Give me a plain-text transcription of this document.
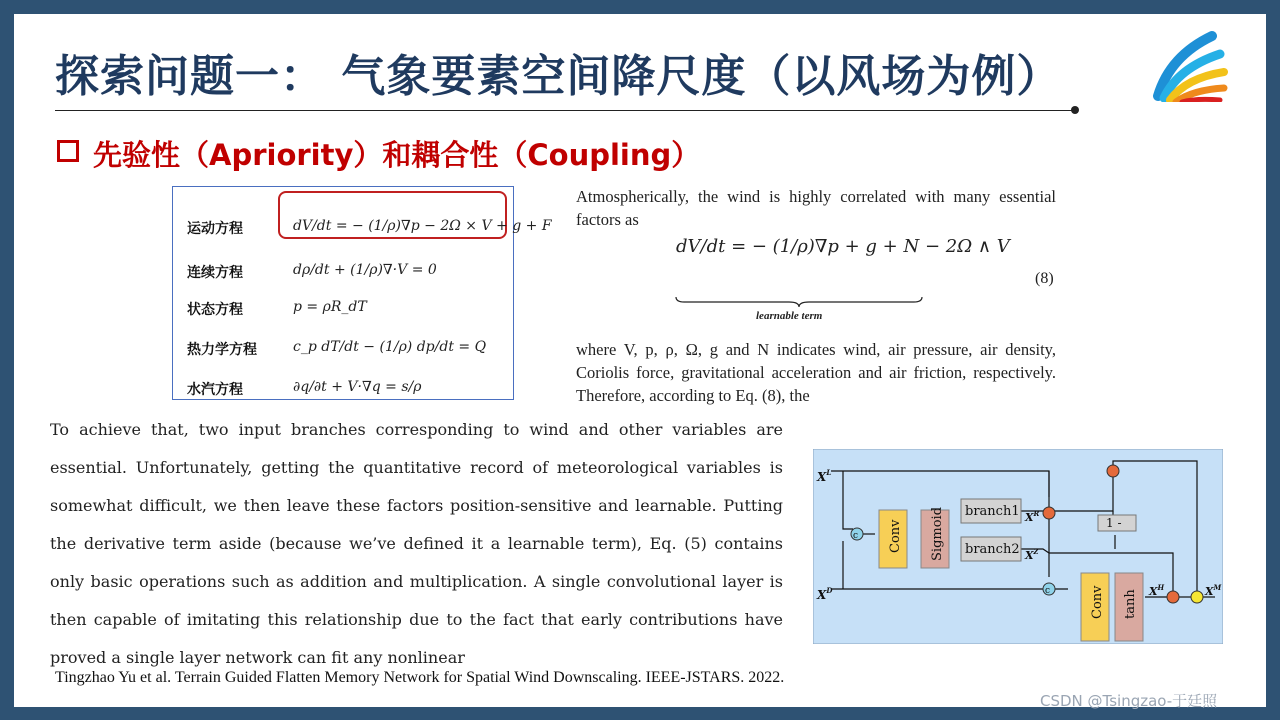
探索问题一： 气象要素空间降尺度（以风场为例）
先验性（Apriority）和耦合性（Coupling）
运动方程	dV/dt = − (1/ρ)∇p − 2Ω × V + g + F
连续方程	dρ/dt + (1/ρ)∇·V = 0
状态方程	p = ρR_dT
热力学方程	c_p dT/dt − (1/ρ) dp/dt = Q
水汽方程	∂q/∂t + V·∇q = s/ρ
Atmospherically, the wind is highly correlated with many essential factors as
dV/dt = − (1/ρ)∇p + g + N − 2Ω ∧ V
(8)
learnable term
where V, p, ρ, Ω, g and N indicates wind, air pressure, air density, Coriolis force, gravitational acceleration and air friction, respectively. Therefore, according to Eq. (8), the
To achieve that, two input branches corresponding to wind and other variables are essential. Unfortunately, getting the quantitative record of meteorological variables is somewhat difficult, we then leave these factors position-sensitive and learnable. Putting the derivative term aside (because we’ve defined it a learnable term), Eq. (5) contains only basic operations such as addition and multiplication. A single convolutional layer is then capable of imitating this relationship due to the fact that early contributions have proved a single layer network can fit any nonlinear
c
c
Conv Sigmoid branch1
branch2
1 -
Conv tanh
$X^L$
$X^D$
$X^R$
$X^Z$
$X^H$	$X^M$
Tingzhao Yu et al. Terrain Guided Flatten Memory Network for Spatial Wind Downscaling. IEEE-JSTARS. 2022.
CSDN @Tsingzao-于廷照
